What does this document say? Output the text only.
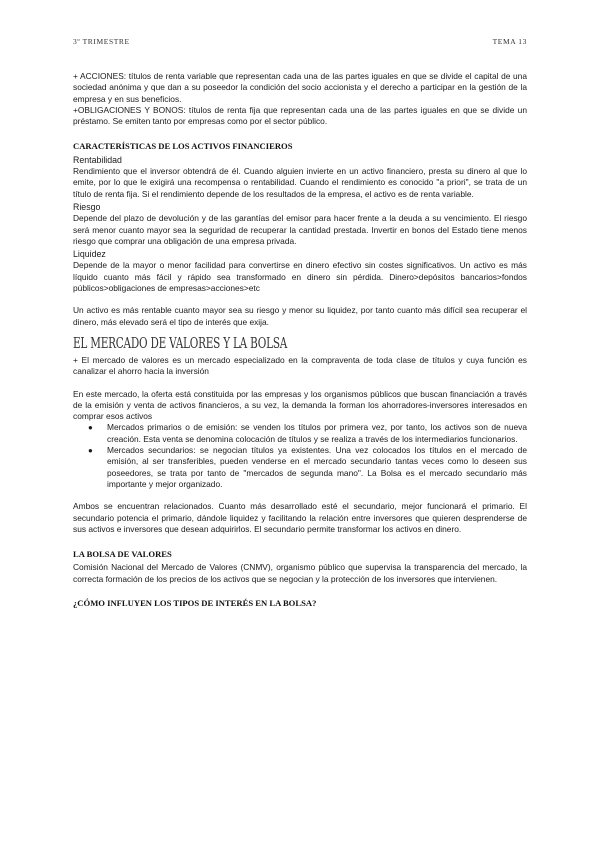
3º TRIMESTRE	TEMA 13

+ ACCIONES: títulos de renta variable que representan cada una de las partes iguales en que se divide el capital de una sociedad anónima y que dan a su poseedor la condición del socio accionista y el derecho a participar en la gestión de la empresa y en sus beneficios.

+OBLIGACIONES Y BONOS: títulos de renta fija que representan cada una de las partes iguales en que se divide un préstamo. Se emiten tanto por empresas como por el sector público.

CARACTERÍSTICAS DE LOS ACTIVOS FINANCIEROS
Rentabilidad

Rendimiento que el inversor obtendrá de él. Cuando alguien invierte en un activo financiero, presta su dinero al que lo emite, por lo que le exigirá una recompensa o rentabilidad. Cuando el rendimiento es conocido "a priori", se trata de un título de renta fija. Si el rendimiento depende de los resultados de la empresa, el activo es de renta variable.

Riesgo

Depende del plazo de devolución y de las garantías del emisor para hacer frente a la deuda a su vencimiento. El riesgo será menor cuanto mayor sea la seguridad de recuperar la cantidad prestada. Invertir en bonos del Estado tiene menos riesgo que comprar una obligación de una empresa privada.

Liquidez

Depende de la mayor o menor facilidad para convertirse en dinero efectivo sin costes significativos. Un activo es más líquido cuanto más fácil y rápido sea transformado en dinero sin pérdida. Dinero>depósitos bancarios>fondos públicos>obligaciones de empresas>acciones>etc

Un activo es más rentable cuanto mayor sea su riesgo y menor su liquidez, por tanto cuanto más difícil sea recuperar el dinero, más elevado será el tipo de interés que exija.

EL MERCADO DE VALORES Y LA BOLSA

+ El mercado de valores es un mercado especializado en la compraventa de toda clase de títulos y cuya función es canalizar el ahorro hacia la inversión

En este mercado, la oferta está constituida por las empresas y los organismos públicos que buscan financiación a través de la emisión y venta de activos financieros, a su vez, la demanda la forman los ahorradores-inversores interesados en comprar esos activos

● Mercados primarios o de emisión: se venden los títulos por primera vez, por tanto, los activos son de nueva creación. Esta venta se denomina colocación de títulos y se realiza a través de los intermediarios funcionarios.
● Mercados secundarios: se negocian títulos ya existentes. Una vez colocados los títulos en el mercado de emisión, al ser transferibles, pueden venderse en el mercado secundario tantas veces como lo deseen sus poseedores, se trata por tanto de "mercados de segunda mano". La Bolsa es el mercado secundario más importante y mejor organizado.

Ambos se encuentran relacionados. Cuanto más desarrollado esté el secundario, mejor funcionará el primario. El secundario potencia el primario, dándole liquidez y facilitando la relación entre inversores que quieren desprenderse de sus activos e inversores que desean adquirirlos. El secundario permite transformar los activos en dinero.

LA BOLSA DE VALORES

Comisión Nacional del Mercado de Valores (CNMV), organismo público que supervisa la transparencia del mercado, la correcta formación de los precios de los activos que se negocian y la protección de los inversores que intervienen.

¿CÓMO INFLUYEN LOS TIPOS DE INTERÉS EN LA BOLSA?
